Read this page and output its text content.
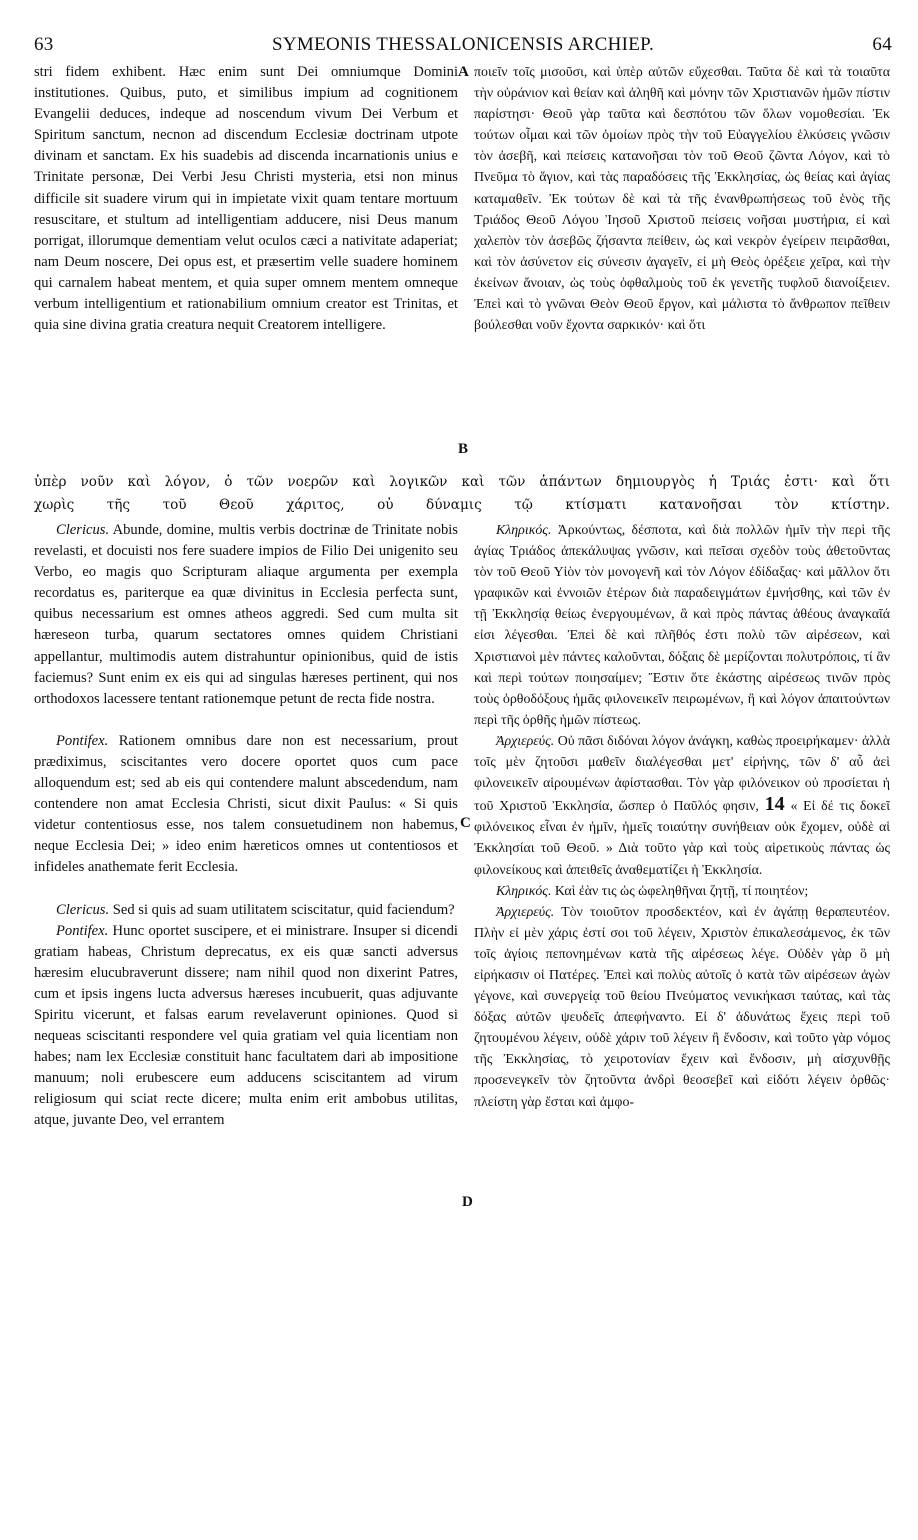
63	SYMEONIS THESSALONICENSIS ARCHIEP.	64
A
B
C
D

stri fidem exhibent. Hæc enim sunt Dei omniumque Domini institutiones. Quibus, puto, et similibus impium ad cognitionem Evangelii deduces, indeque ad noscendum vivum Dei Verbum et Spiritum sanctum, necnon ad discendum Ecclesiæ doctrinam utpote divinam et sanctam. Ex his suadebis ad discenda incarnationis unius e Trinitate personæ, Dei Verbi Jesu Christi mysteria, etsi non minus difficile sit suadere virum qui in impietate vixit quam tentare mortuum resuscitare, et stultum ad intelligentiam adducere, nisi Deus manum porrigat, illorumque dementiam velut oculos cæci a nativitate adaperiat; nam Deum noscere, Dei opus est, et præsertim velle suadere hominem qui carnalem habeat mentem, et quia super omnem mentem omneque verbum intelligentium et rationabilium omnium creator est Trinitas, et quia sine divina gratia creatura nequit Creatorem intelligere.

ποιεῖν τοῖς μισοῦσι, καὶ ὑπὲρ αὐτῶν εὔχεσθαι. Ταῦτα δὲ καὶ τὰ τοιαῦτα τὴν οὐράνιον καὶ θείαν καὶ ἀληθῆ καὶ μόνην τῶν Χριστιανῶν ἡμῶν πίστιν παρίστησι· Θεοῦ γὰρ ταῦτα καὶ δεσπότου τῶν ὅλων νομοθεσίαι. Ἐκ τούτων οἶμαι καὶ τῶν ὁμοίων πρὸς τὴν τοῦ Εὐαγγελίου ἑλκύσεις γνῶσιν τὸν ἀσεβῆ, καὶ πείσεις κατανοῆσαι τὸν τοῦ Θεοῦ ζῶντα Λόγον, καὶ τὸ Πνεῦμα τὸ ἅγιον, καὶ τὰς παραδόσεις τῆς Ἐκκλησίας, ὡς θείας καὶ ἁγίας καταμαθεῖν. Ἐκ τούτων δὲ καὶ τὰ τῆς ἐνανθρωπήσεως τοῦ ἑνὸς τῆς Τριάδος Θεοῦ Λόγου Ἰησοῦ Χριστοῦ πείσεις νοῆσαι μυστήρια, εἰ καὶ χαλεπὸν τὸν ἀσεβῶς ζήσαντα πείθειν, ὡς καὶ νεκρὸν ἐγείρειν πειρᾶσθαι, καὶ τὸν ἀσύνετον εἰς σύνεσιν ἀγαγεῖν, εἰ μὴ Θεὸς ὀρέξειε χεῖρα, καὶ τὴν ἐκείνων ἄνοιαν, ὡς τοὺς ὀφθαλμοὺς τοῦ ἐκ γενετῆς τυφλοῦ διανοίξειεν. Ἐπεὶ καὶ τὸ γνῶναι Θεὸν Θεοῦ ἔργον, καὶ μάλιστα τὸ ἄνθρωπον πεῖθειν βούλεσθαι νοῦν ἔχοντα σαρκικόν· καὶ ὅτι

ὑπὲρ νοῦν καὶ λόγον, ὁ τῶν νοερῶν καὶ λογικῶν καὶ τῶν ἁπάντων δημιουργὸς ἡ Τριάς ἐστι· καὶ ὅτι
χωρὶς τῆς τοῦ Θεοῦ χάριτος, οὐ δύναμις τῷ κτίσματι κατανοῆσαι τὸν κτίστην.

Clericus. Abunde, domine, multis verbis doctrinæ de Trinitate nobis revelasti, et docuisti nos fere suadere impios de Filio Dei unigenito seu Verbo, eo magis quo Scripturam aliaque argumenta per exempla recordatus es, pariterque ea quæ divinitus in Ecclesia perfecta sunt, quibus necessarium est omnes atheos aggredi. Sed cum multa sit hæreseon turba, quarum sectatores omnes quidem Christiani appellantur, multimodis autem distrahuntur opinionibus, quid de istis faciemus? Sunt enim ex eis qui ad singulas hæreses pertinent, qui nos orthodoxos lacessere tentant rationemque petunt de recta fide nostra.

Pontifex. Rationem omnibus dare non est necessarium, prout prædiximus, sciscitantes vero docere oportet quos cum pace alloquendum est; sed ab eis qui contendere malunt abscedendum, nam contendere non amat Ecclesia Christi, sicut dixit Paulus: « Si quis videtur contentiosus esse, nos talem consuetudinem non habemus, neque Ecclesia Dei; » ideo enim hæreticos omnes ut contentiosos et infideles anathemate ferit Ecclesia.

Clericus. Sed si quis ad suam utilitatem sciscitatur, quid faciendum?

Pontifex. Hunc oportet suscipere, et ei ministrare. Insuper si dicendi gratiam habeas, Christum deprecatus, ex eis quæ sancti adversus hæresim elucubraverunt dissere; nam nihil quod non dixerint Patres, cum et ipsis ingens lucta adversus hæreses incubuerit, quas adjuvante Spiritu vicerunt, et falsas earum revelaverunt opiniones. Quod si nequeas sciscitanti respondere vel quia gratiam vel quia licentiam non habes; nam lex Ecclesiæ constituit hanc facultatem dari ab impositione manuum; noli erubescere eum adducens sciscitantem ad virum religiosum qui sciat recte dicere; multa enim erit ambobus utilitas, atque, juvante Deo, vel errantem

Κληρικός. Ἀρκούντως, δέσποτα, καὶ διὰ πολλῶν ἡμῖν τὴν περὶ τῆς ἁγίας Τριάδος ἀπεκάλυψας γνῶσιν, καὶ πεῖσαι σχεδὸν τοὺς ἀθετοῦντας τὸν τοῦ Θεοῦ Υἱὸν τὸν μονογενῆ καὶ τὸν Λόγον ἐδίδαξας· καὶ μᾶλλον ὅτι γραφικῶν καὶ ἐννοιῶν ἑτέρων διὰ παραδειγμάτων ἐμνήσθης, καὶ τῶν ἐν τῇ Ἐκκλησίᾳ θείως ἐνεργουμένων, ἃ καὶ πρὸς πάντας ἀθέους ἀναγκαῖά εἰσι λέγεσθαι. Ἐπεὶ δὲ καὶ πλῆθός ἐστι πολὺ τῶν αἱρέσεων, καὶ Χριστιανοὶ μὲν πάντες καλοῦνται, δόξαις δὲ μερίζονται πολυτρόποις, τί ἂν καὶ περὶ τούτων ποιησαίμεν; Ἔστιν ὅτε ἑκάστης αἱρέσεως τινῶν πρὸς τοὺς ὀρθοδόξους ἡμᾶς φιλονεικεῖν πειρωμένων, ἢ καὶ λόγον ἀπαιτούντων περὶ τῆς ὀρθῆς ἡμῶν πίστεως.

Ἀρχιερεύς. Οὐ πᾶσι διδόναι λόγον ἀνάγκη, καθὼς προειρήκαμεν· ἀλλὰ τοῖς μὲν ζητοῦσι μαθεῖν διαλέγεσθαι μετ' εἰρήνης, τῶν δ' αὖ ἀεὶ φιλονεικεῖν αἱρουμένων ἀφίστασθαι. Τὸν γὰρ φιλόνεικον οὐ προσίεται ἡ τοῦ Χριστοῦ Ἐκκλησία, ὥσπερ ὁ Παῦλός φησιν, 14 « Εἰ δέ τις δοκεῖ φιλόνεικος εἶναι ἐν ἡμῖν, ἡμεῖς τοιαύτην συνήθειαν οὐκ ἔχομεν, οὐδὲ αἱ Ἐκκλησίαι τοῦ Θεοῦ. » Διὰ τοῦτο γὰρ καὶ τοὺς αἱρετικοὺς πάντας ὡς φιλονείκους καὶ ἀπειθεῖς ἀναθεματίζει ἡ Ἐκκλησία.

Κληρικός. Καὶ ἐὰν τις ὡς ὠφεληθῆναι ζητῇ, τί ποιητέον;

Ἀρχιερεύς. Τὸν τοιοῦτον προσδεκτέον, καὶ ἐν ἀγάπῃ θεραπευτέον. Πλὴν εἰ μὲν χάρις ἐστί σοι τοῦ λέγειν, Χριστὸν ἐπικαλεσάμενος, ἐκ τῶν τοῖς ἁγίοις πεπονημένων κατὰ τῆς αἱρέσεως λέγε. Οὐδὲν γὰρ ὃ μὴ εἰρήκασιν οἱ Πατέρες. Ἐπεὶ καὶ πολὺς αὐτοῖς ὁ κατὰ τῶν αἱρέσεων ἀγὼν γέγονε, καὶ συνεργείᾳ τοῦ θείου Πνεύματος νενικήκασι ταύτας, καὶ τὰς δόξας αὐτῶν ψευδεῖς ἀπεφήναντο. Εἰ δ' ἀδυνάτως ἔχεις περὶ τοῦ ζητουμένου λέγειν, οὐδὲ χάριν τοῦ λέγειν ἢ ἔνδοσιν, καὶ τοῦτο γὰρ νόμος τῆς Ἐκκλησίας, τὸ χειροτονίαν ἔχειν καὶ ἔνδοσιν, μὴ αἰσχυνθῇς προσενεγκεῖν τὸν ζητοῦντα ἀνδρὶ θεοσεβεῖ καὶ εἰδότι λέγειν ὀρθῶς· πλείστη γὰρ ἔσται καὶ ἀμφο-
